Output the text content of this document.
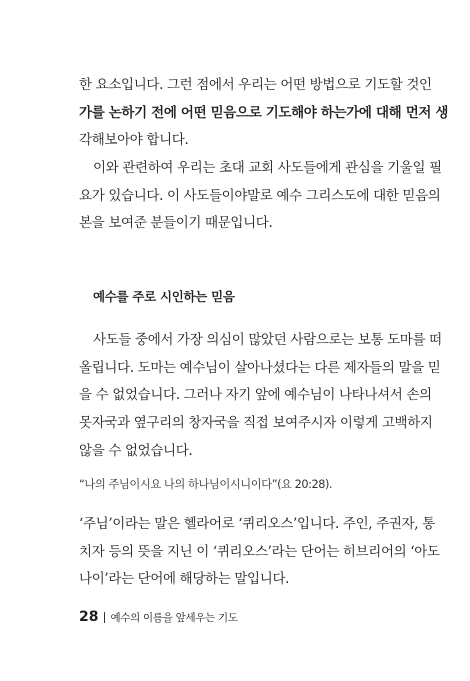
한 요소입니다. 그런 점에서 우리는 어떤 방법으로 기도할 것인
가를 논하기 전에 어떤 믿음으로 기도해야 하는가에 대해 먼저 생
각해보아야 합니다.
이와 관련하여 우리는 초대 교회 사도들에게 관심을 기울일 필
요가 있습니다. 이 사도들이야말로 예수 그리스도에 대한 믿음의
본을 보여준 분들이기 때문입니다.
예수를 주로 시인하는 믿음
사도들 중에서 가장 의심이 많았던 사람으로는 보통 도마를 떠
올립니다. 도마는 예수님이 살아나셨다는 다른 제자들의 말을 믿
을 수 없었습니다. 그러나 자기 앞에 예수님이 나타나셔서 손의
못자국과 옆구리의 창자국을 직접 보여주시자 이렇게 고백하지
않을 수 없었습니다.
“나의 주님이시요 나의 하나님이시니이다”(요 20:28).
‘주님’이라는 말은 헬라어로 ‘퀴리오스’입니다. 주인, 주권자, 통
치자 등의 뜻을 지닌 이 ‘퀴리오스’라는 단어는 히브리어의 ‘아도
나이’라는 단어에 해당하는 말입니다.
28 예수의 이름을 앞세우는 기도
